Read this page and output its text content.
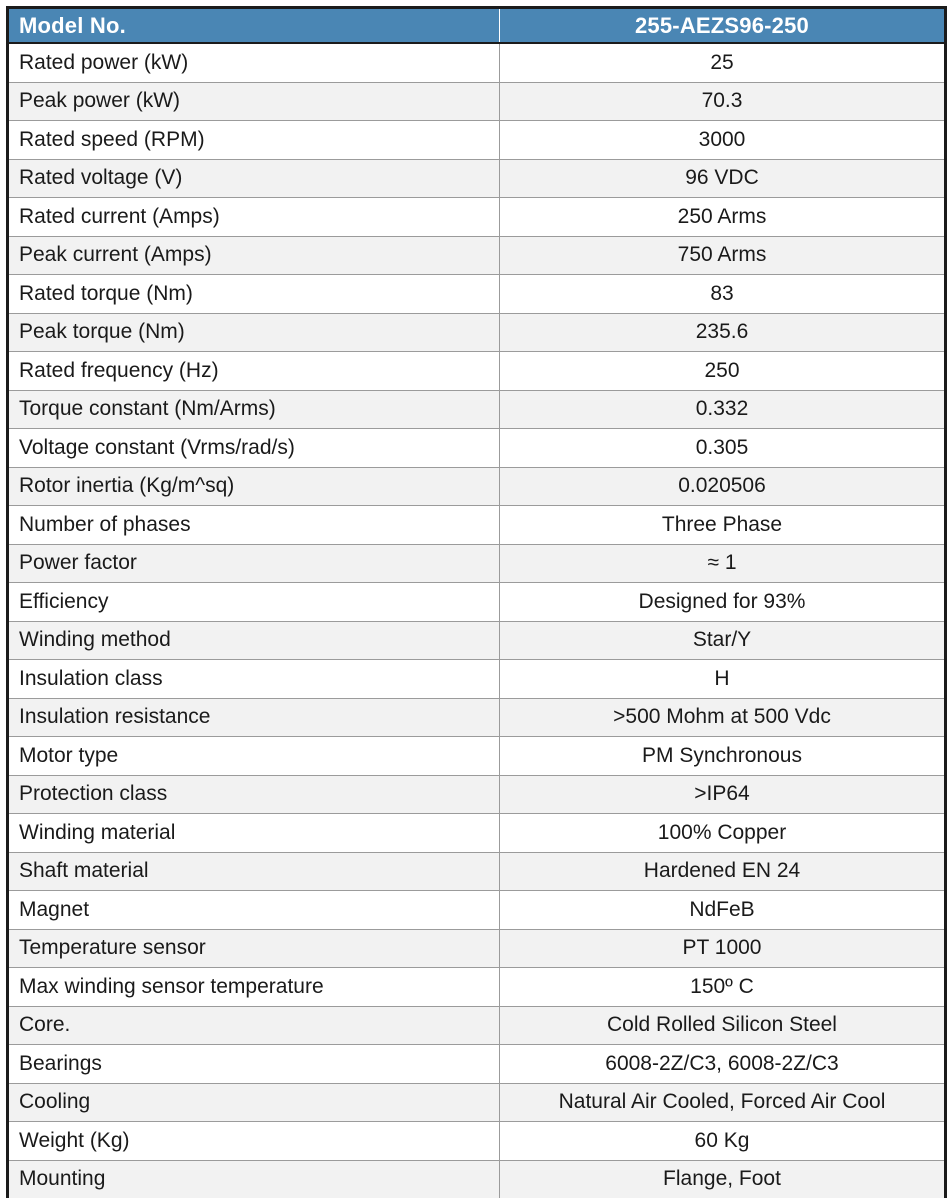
Model No.	255-AEZS96-250
Rated power (kW)	25
Peak power (kW)	70.3
Rated speed (RPM)	3000
Rated voltage (V)	96 VDC
Rated current (Amps)	250 Arms
Peak current (Amps)	750 Arms
Rated torque (Nm)	83
Peak torque (Nm)	235.6
Rated frequency (Hz)	250
Torque constant (Nm/Arms)	0.332
Voltage constant (Vrms/rad/s)	0.305
Rotor inertia (Kg/m^sq)	0.020506
Number of phases	Three Phase
Power factor	≈ 1
Efficiency	Designed for 93%
Winding method	Star/Y
Insulation class	H
Insulation resistance	>500 Mohm at 500 Vdc
Motor type	PM Synchronous
Protection class	>IP64
Winding material	100% Copper
Shaft material	Hardened EN 24
Magnet	NdFeB
Temperature sensor	PT 1000
Max winding sensor temperature	150º C
Core.	Cold Rolled Silicon Steel
Bearings	6008-2Z/C3, 6008-2Z/C3
Cooling	Natural Air Cooled, Forced Air Cool
Weight (Kg)	60 Kg
Mounting	Flange, Foot
